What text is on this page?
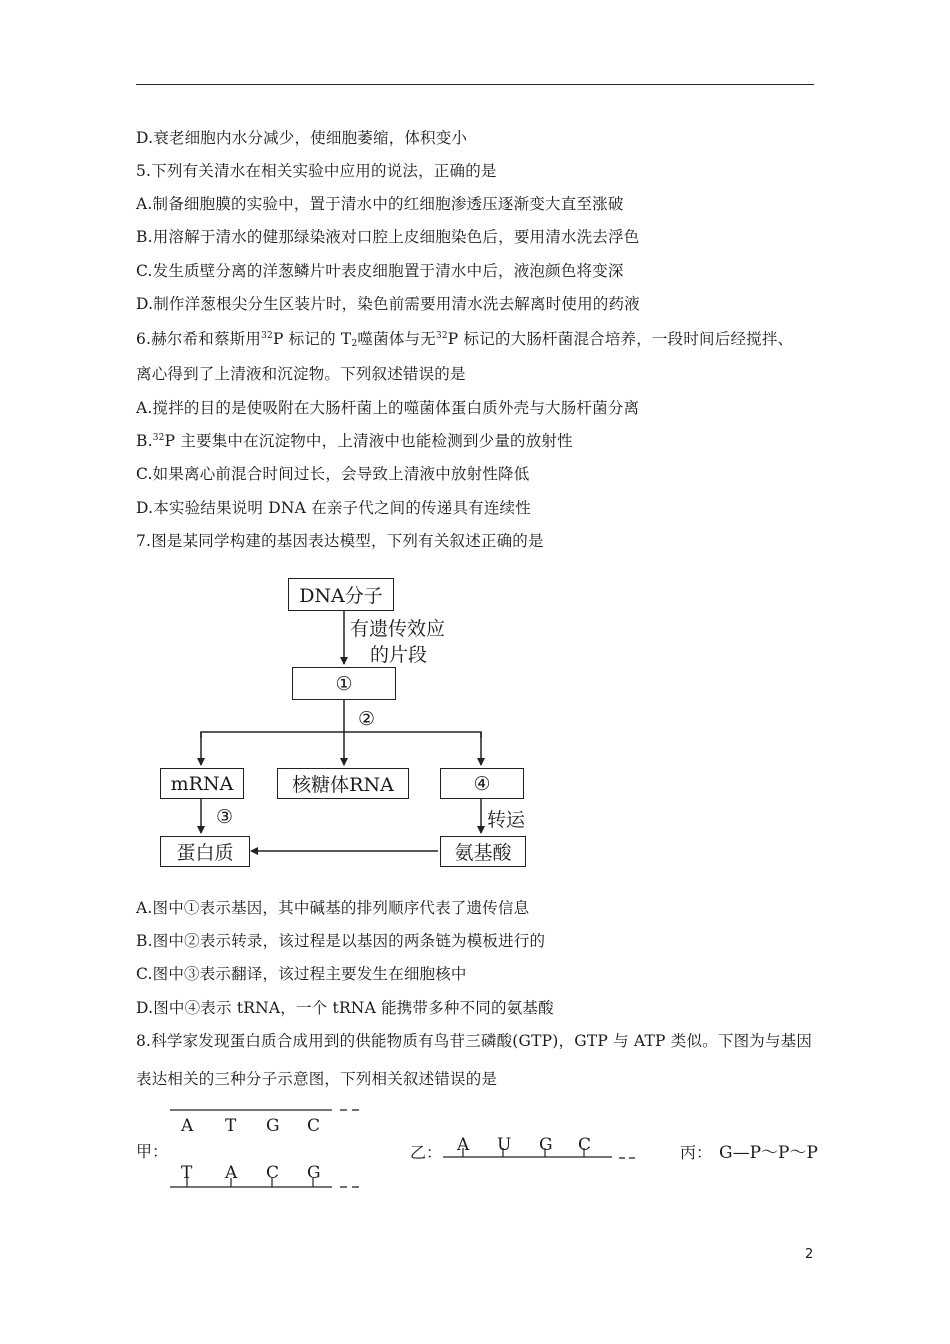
D.衰老细胞内水分减少，使细胞萎缩，体积变小
5.下列有关清水在相关实验中应用的说法，正确的是
A.制备细胞膜的实验中，置于清水中的红细胞渗透压逐渐变大直至涨破
B.用溶解于清水的健那绿染液对口腔上皮细胞染色后，要用清水洗去浮色
C.发生质壁分离的洋葱鳞片叶表皮细胞置于清水中后，液泡颜色将变深
D.制作洋葱根尖分生区装片时，染色前需要用清水洗去解离时使用的药液
6.赫尔希和蔡斯用$^{32}$P 标记的 $T_2$噬菌体与无$^{32}$P 标记的大肠杆菌混合培养，一段时间后经搅拌、
离心得到了上清液和沉淀物。下列叙述错误的是
A.搅拌的目的是使吸附在大肠杆菌上的噬菌体蛋白质外壳与大肠杆菌分离
B.$^{32}$P 主要集中在沉淀物中，上清液中也能检测到少量的放射性
C.如果离心前混合时间过长，会导致上清液中放射性降低
D.本实验结果说明 DNA 在亲子代之间的传递具有连续性
7.图是某同学构建的基因表达模型，下列有关叙述正确的是
DNA分子
有遗传效应
的片段
①
②
mRNA	核糖体RNA	④
③	转运
蛋白质	氨基酸
A.图中①表示基因，其中碱基的排列顺序代表了遗传信息
B.图中②表示转录，该过程是以基因的两条链为模板进行的
C.图中③表示翻译，该过程主要发生在细胞核中
D.图中④表示 tRNA，一个 tRNA 能携带多种不同的氨基酸
8.科学家发现蛋白质合成用到的供能物质有鸟苷三磷酸(GTP)，GTP 与 ATP 类似。下图为与基因
表达相关的三种分子示意图，下列相关叙述错误的是
甲：
A T G C
T A C G
乙： A U G C	丙： G—P～P～P
2
